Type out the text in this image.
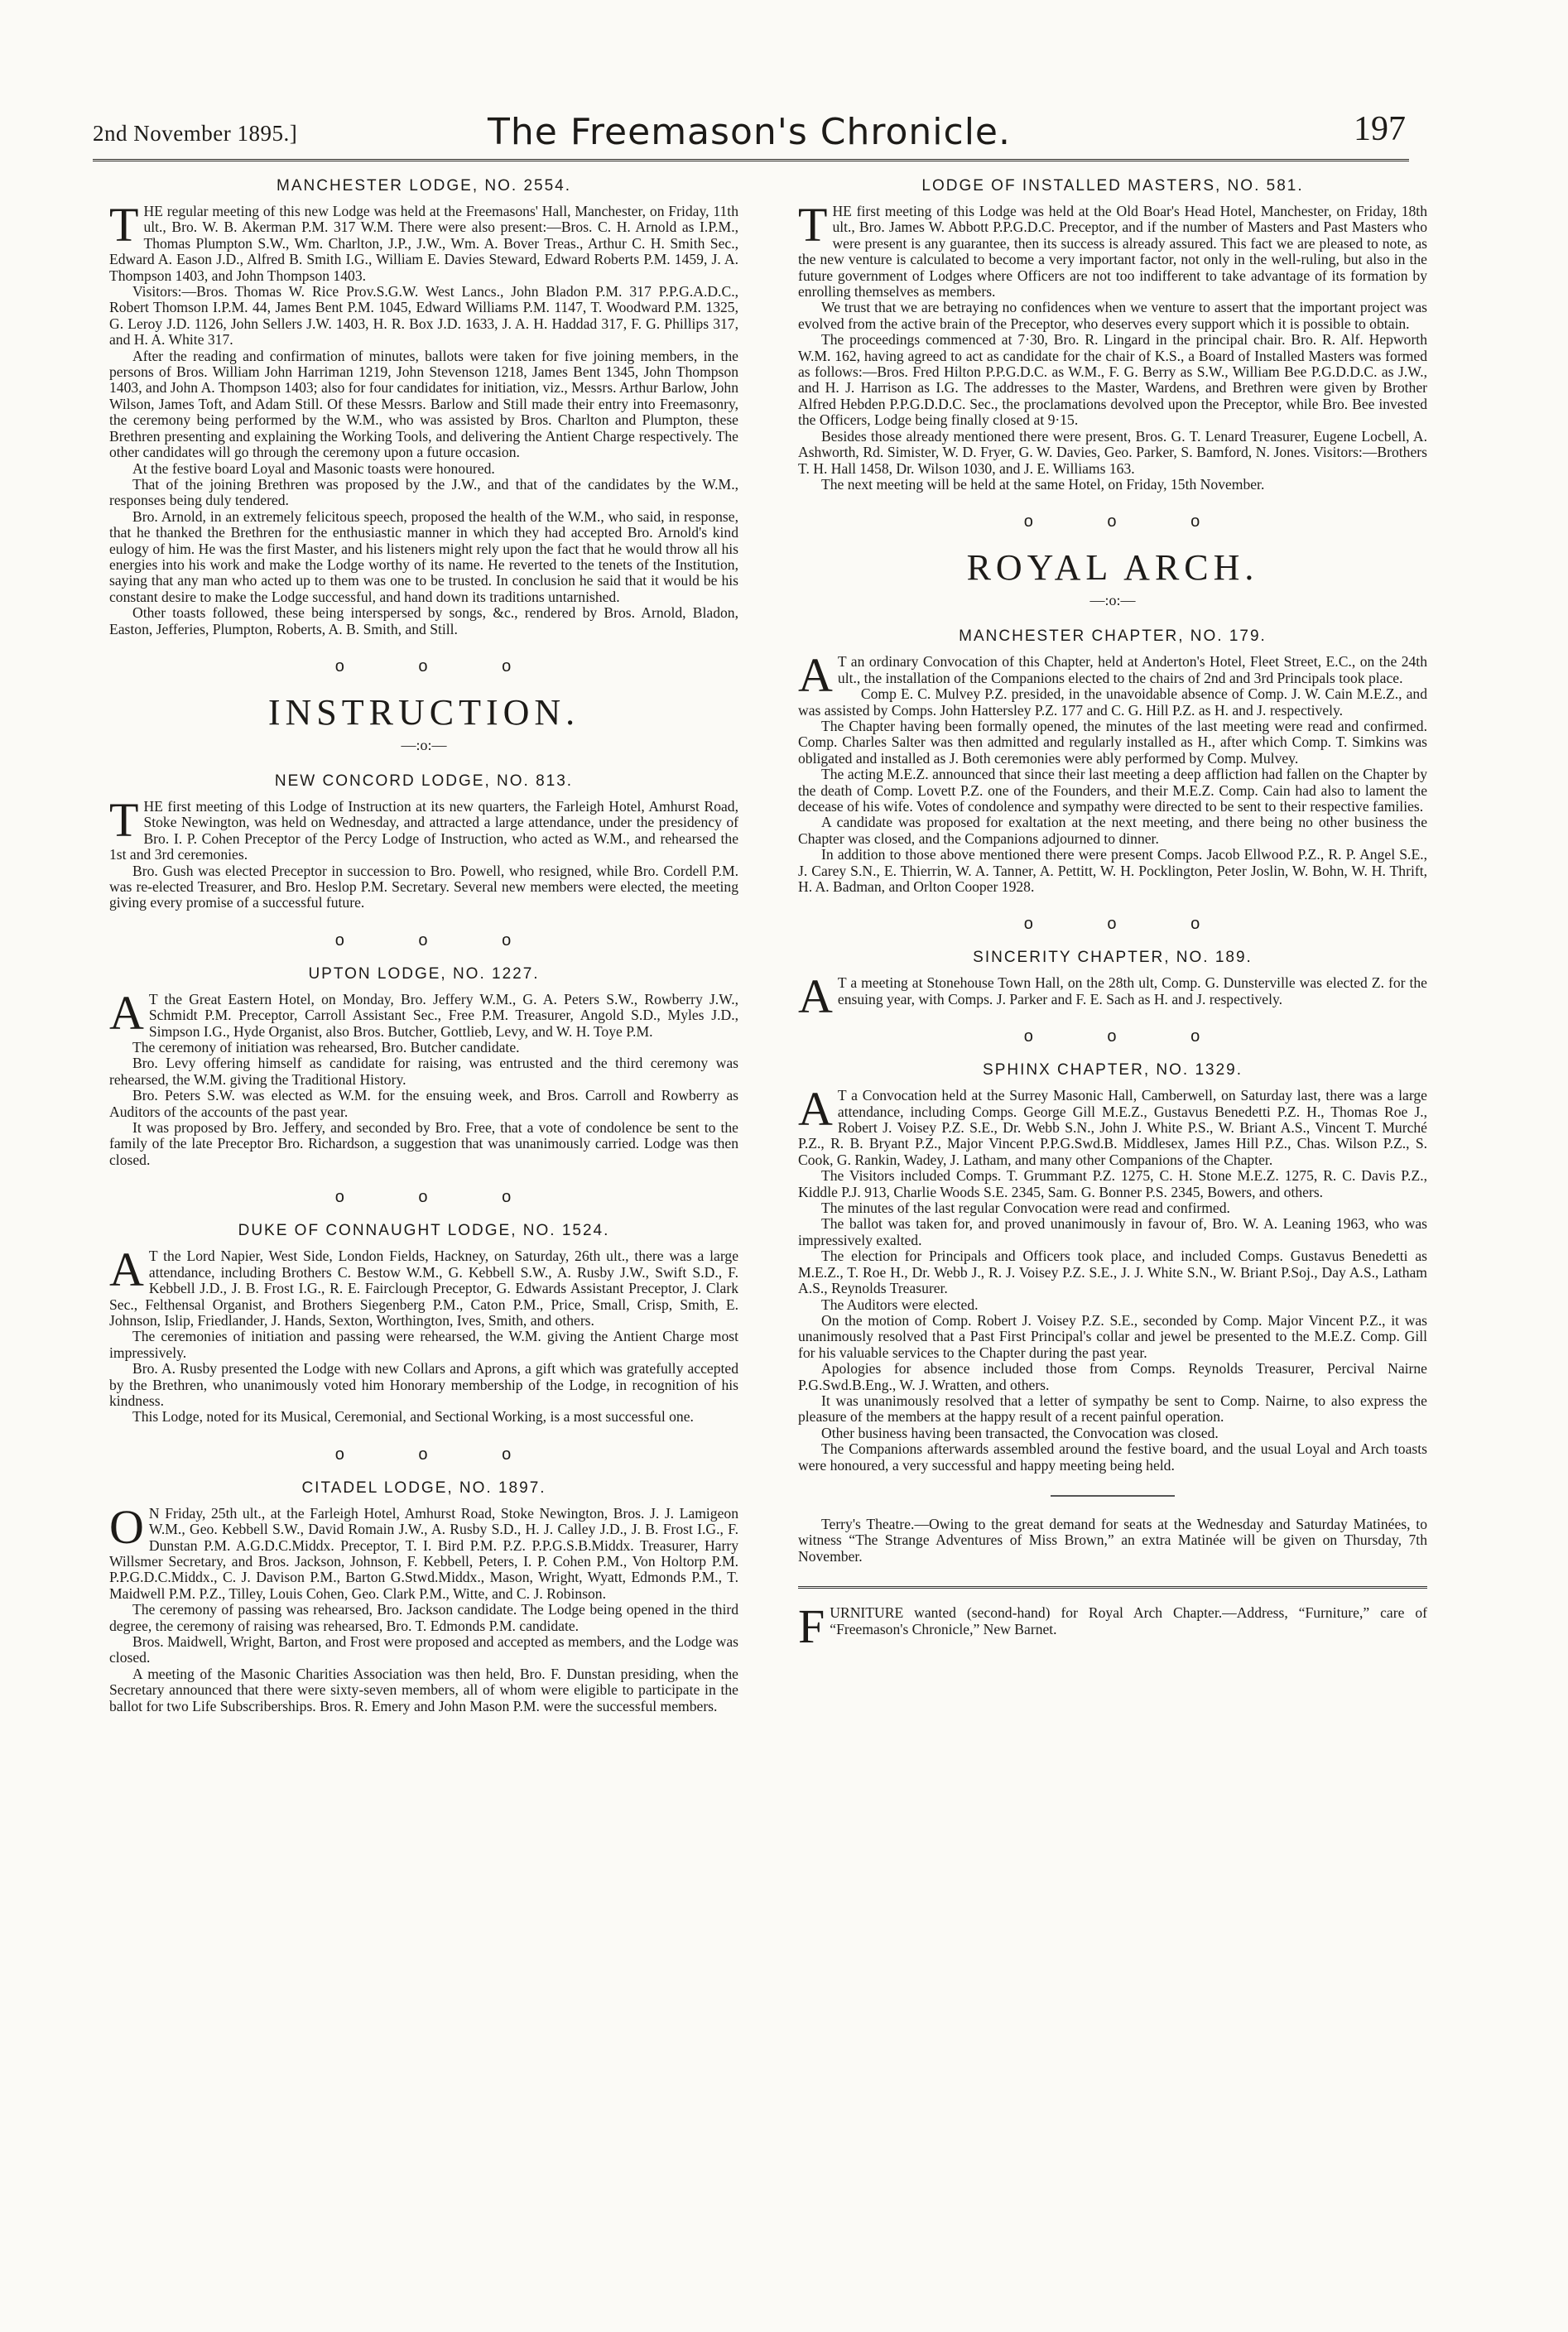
2nd November 1895.]	The Freemason's Chronicle.	197
MANCHESTER LODGE, NO. 2554.

THE regular meeting of this new Lodge was held at the Freemasons' Hall, Manchester, on Friday, 11th ult., Bro. W. B. Akerman P.M. 317 W.M. There were also present:—Bros. C. H. Arnold as I.P.M., Thomas Plumpton S.W., Wm. Charlton, J.P., J.W., Wm. A. Bover Treas., Arthur C. H. Smith Sec., Edward A. Eason J.D., Alfred B. Smith I.G., William E. Davies Steward, Edward Roberts P.M. 1459, J. A. Thompson 1403, and John Thompson 1403.

Visitors:—Bros. Thomas W. Rice Prov.S.G.W. West Lancs., John Bladon P.M. 317 P.P.G.A.D.C., Robert Thomson I.P.M. 44, James Bent P.M. 1045, Edward Williams P.M. 1147, T. Woodward P.M. 1325, G. Leroy J.D. 1126, John Sellers J.W. 1403, H. R. Box J.D. 1633, J. A. H. Haddad 317, F. G. Phillips 317, and H. A. White 317.

After the reading and confirmation of minutes, ballots were taken for five joining members, in the persons of Bros. William John Harriman 1219, John Stevenson 1218, James Bent 1345, John Thompson 1403, and John A. Thompson 1403; also for four candidates for initiation, viz., Messrs. Arthur Barlow, John Wilson, James Toft, and Adam Still. Of these Messrs. Barlow and Still made their entry into Freemasonry, the ceremony being performed by the W.M., who was assisted by Bros. Charlton and Plumpton, these Brethren presenting and explaining the Working Tools, and delivering the Antient Charge respectively. The other candidates will go through the ceremony upon a future occasion.

At the festive board Loyal and Masonic toasts were honoured.

That of the joining Brethren was proposed by the J.W., and that of the candidates by the W.M., responses being duly tendered.

Bro. Arnold, in an extremely felicitous speech, proposed the health of the W.M., who said, in response, that he thanked the Brethren for the enthusiastic manner in which they had accepted Bro. Arnold's kind eulogy of him. He was the first Master, and his listeners might rely upon the fact that he would throw all his energies into his work and make the Lodge worthy of its name. He reverted to the tenets of the Institution, saying that any man who acted up to them was one to be trusted. In conclusion he said that it would be his constant desire to make the Lodge successful, and hand down its traditions untarnished.

Other toasts followed, these being interspersed by songs, &c., rendered by Bros. Arnold, Bladon, Easton, Jefferies, Plumpton, Roberts, A. B. Smith, and Still.

o o o
INSTRUCTION.
—:o:—
NEW CONCORD LODGE, NO. 813.

THE first meeting of this Lodge of Instruction at its new quarters, the Farleigh Hotel, Amhurst Road, Stoke Newington, was held on Wednesday, and attracted a large attendance, under the presidency of Bro. I. P. Cohen Preceptor of the Percy Lodge of Instruction, who acted as W.M., and rehearsed the 1st and 3rd ceremonies.

Bro. Gush was elected Preceptor in succession to Bro. Powell, who resigned, while Bro. Cordell P.M. was re-elected Treasurer, and Bro. Heslop P.M. Secretary. Several new members were elected, the meeting giving every promise of a successful future.

o o o
UPTON LODGE, NO. 1227.

A T the Great Eastern Hotel, on Monday, Bro. Jeffery W.M., G. A. Peters S.W., Rowberry J.W., Schmidt P.M. Preceptor, Carroll Assistant Sec., Free P.M. Treasurer, Angold S.D., Myles J.D., Simpson I.G., Hyde Organist, also Bros. Butcher, Gottlieb, Levy, and W. H. Toye P.M.

The ceremony of initiation was rehearsed, Bro. Butcher candidate.

Bro. Levy offering himself as candidate for raising, was entrusted and the third ceremony was rehearsed, the W.M. giving the Traditional History.

Bro. Peters S.W. was elected as W.M. for the ensuing week, and Bros. Carroll and Rowberry as Auditors of the accounts of the past year.

It was proposed by Bro. Jeffery, and seconded by Bro. Free, that a vote of condolence be sent to the family of the late Preceptor Bro. Richardson, a suggestion that was unanimously carried. Lodge was then closed.

o o o
DUKE OF CONNAUGHT LODGE, NO. 1524.

A T the Lord Napier, West Side, London Fields, Hackney, on Saturday, 26th ult., there was a large attendance, including Brothers C. Bestow W.M., G. Kebbell S.W., A. Rusby J.W., Swift S.D., F. Kebbell J.D., J. B. Frost I.G., R. E. Fairclough Preceptor, G. Edwards Assistant Preceptor, J. Clark Sec., Felthensal Organist, and Brothers Siegenberg P.M., Caton P.M., Price, Small, Crisp, Smith, E. Johnson, Islip, Friedlander, J. Hands, Sexton, Worthington, Ives, Smith, and others.

The ceremonies of initiation and passing were rehearsed, the W.M. giving the Antient Charge most impressively.

Bro. A. Rusby presented the Lodge with new Collars and Aprons, a gift which was gratefully accepted by the Brethren, who unanimously voted him Honorary membership of the Lodge, in recognition of his kindness.

This Lodge, noted for its Musical, Ceremonial, and Sectional Working, is a most successful one.

o o o
CITADEL LODGE, NO. 1897.

O N Friday, 25th ult., at the Farleigh Hotel, Amhurst Road, Stoke Newington, Bros. J. J. Lamigeon W.M., Geo. Kebbell S.W., David Romain J.W., A. Rusby S.D., H. J. Calley J.D., J. B. Frost I.G., F. Dunstan P.M. A.G.D.C.Middx. Preceptor, T. I. Bird P.M. P.Z. P.P.G.S.B.Middx. Treasurer, Harry Willsmer Secretary, and Bros. Jackson, Johnson, F. Kebbell, Peters, I. P. Cohen P.M., Von Holtorp P.M. P.P.G.D.C.Middx., C. J. Davison P.M., Barton G.Stwd.Middx., Mason, Wright, Wyatt, Edmonds P.M., T. Maidwell P.M. P.Z., Tilley, Louis Cohen, Geo. Clark P.M., Witte, and C. J. Robinson.

The ceremony of passing was rehearsed, Bro. Jackson candidate. The Lodge being opened in the third degree, the ceremony of raising was rehearsed, Bro. T. Edmonds P.M. candidate.

Bros. Maidwell, Wright, Barton, and Frost were proposed and accepted as members, and the Lodge was closed.

A meeting of the Masonic Charities Association was then held, Bro. F. Dunstan presiding, when the Secretary announced that there were sixty-seven members, all of whom were eligible to participate in the ballot for two Life Subscriberships. Bros. R. Emery and John Mason P.M. were the successful members.

LODGE OF INSTALLED MASTERS, NO. 581.

THE first meeting of this Lodge was held at the Old Boar's Head Hotel, Manchester, on Friday, 18th ult., Bro. James W. Abbott P.P.G.D.C. Preceptor, and if the number of Masters and Past Masters who were present is any guarantee, then its success is already assured. This fact we are pleased to note, as the new venture is calculated to become a very important factor, not only in the well-ruling, but also in the future government of Lodges where Officers are not too indifferent to take advantage of its formation by enrolling themselves as members.

We trust that we are betraying no confidences when we venture to assert that the important project was evolved from the active brain of the Preceptor, who deserves every support which it is possible to obtain.

The proceedings commenced at 7·30, Bro. R. Lingard in the principal chair. Bro. R. Alf. Hepworth W.M. 162, having agreed to act as candidate for the chair of K.S., a Board of Installed Masters was formed as follows:—Bros. Fred Hilton P.P.G.D.C. as W.M., F. G. Berry as S.W., William Bee P.G.D.D.C. as J.W., and H. J. Harrison as I.G. The addresses to the Master, Wardens, and Brethren were given by Brother Alfred Hebden P.P.G.D.D.C. Sec., the proclamations devolved upon the Preceptor, while Bro. Bee invested the Officers, Lodge being finally closed at 9·15.

Besides those already mentioned there were present, Bros. G. T. Lenard Treasurer, Eugene Locbell, A. Ashworth, Rd. Simister, W. D. Fryer, G. W. Davies, Geo. Parker, S. Bamford, N. Jones. Visitors:—Brothers T. H. Hall 1458, Dr. Wilson 1030, and J. E. Williams 163.

The next meeting will be held at the same Hotel, on Friday, 15th November.

o o o
ROYAL ARCH.
—:o:—
MANCHESTER CHAPTER, NO. 179.

A T an ordinary Convocation of this Chapter, held at Anderton's Hotel, Fleet Street, E.C., on the 24th ult., the installation of the Companions elected to the chairs of 2nd and 3rd Principals took place.

Comp E. C. Mulvey P.Z. presided, in the unavoidable absence of Comp. J. W. Cain M.E.Z., and was assisted by Comps. John Hattersley P.Z. 177 and C. G. Hill P.Z. as H. and J. respectively.

The Chapter having been formally opened, the minutes of the last meeting were read and confirmed. Comp. Charles Salter was then admitted and regularly installed as H., after which Comp. T. Simkins was obligated and installed as J. Both ceremonies were ably performed by Comp. Mulvey.

The acting M.E.Z. announced that since their last meeting a deep affliction had fallen on the Chapter by the death of Comp. Lovett P.Z. one of the Founders, and their M.E.Z. Comp. Cain had also to lament the decease of his wife. Votes of condolence and sympathy were directed to be sent to their respective families.

A candidate was proposed for exaltation at the next meeting, and there being no other business the Chapter was closed, and the Companions adjourned to dinner.

In addition to those above mentioned there were present Comps. Jacob Ellwood P.Z., R. P. Angel S.E., J. Carey S.N., E. Thierrin, W. A. Tanner, A. Pettitt, W. H. Pocklington, Peter Joslin, W. Bohn, W. H. Thrift, H. A. Badman, and Orlton Cooper 1928.

o o o
SINCERITY CHAPTER, NO. 189.

A T a meeting at Stonehouse Town Hall, on the 28th ult, Comp. G. Dunsterville was elected Z. for the ensuing year, with Comps. J. Parker and F. E. Sach as H. and J. respectively.

o o o
SPHINX CHAPTER, NO. 1329.

A T a Convocation held at the Surrey Masonic Hall, Camberwell, on Saturday last, there was a large attendance, including Comps. George Gill M.E.Z., Gustavus Benedetti P.Z. H., Thomas Roe J., Robert J. Voisey P.Z. S.E., Dr. Webb S.N., John J. White P.S., W. Briant A.S., Vincent T. Murché P.Z., R. B. Bryant P.Z., Major Vincent P.P.G.Swd.B. Middlesex, James Hill P.Z., Chas. Wilson P.Z., S. Cook, G. Rankin, Wadey, J. Latham, and many other Companions of the Chapter.

The Visitors included Comps. T. Grummant P.Z. 1275, C. H. Stone M.E.Z. 1275, R. C. Davis P.Z., Kiddle P.J. 913, Charlie Woods S.E. 2345, Sam. G. Bonner P.S. 2345, Bowers, and others.

The minutes of the last regular Convocation were read and confirmed.

The ballot was taken for, and proved unanimously in favour of, Bro. W. A. Leaning 1963, who was impressively exalted.

The election for Principals and Officers took place, and included Comps. Gustavus Benedetti as M.E.Z., T. Roe H., Dr. Webb J., R. J. Voisey P.Z. S.E., J. J. White S.N., W. Briant P.Soj., Day A.S., Latham A.S., Reynolds Treasurer.

The Auditors were elected.

On the motion of Comp. Robert J. Voisey P.Z. S.E., seconded by Comp. Major Vincent P.Z., it was unanimously resolved that a Past First Principal's collar and jewel be presented to the M.E.Z. Comp. Gill for his valuable services to the Chapter during the past year.

Apologies for absence included those from Comps. Reynolds Treasurer, Percival Nairne P.G.Swd.B.Eng., W. J. Wratten, and others.

It was unanimously resolved that a letter of sympathy be sent to Comp. Nairne, to also express the pleasure of the members at the happy result of a recent painful operation.

Other business having been transacted, the Convocation was closed.

The Companions afterwards assembled around the festive board, and the usual Loyal and Arch toasts were honoured, a very successful and happy meeting being held.

Terry's Theatre.—Owing to the great demand for seats at the Wednesday and Saturday Matinées, to witness “The Strange Adventures of Miss Brown,” an extra Matinée will be given on Thursday, 7th November.

FURNITURE wanted (second-hand) for Royal Arch Chapter.—Address, “Furniture,” care of “Freemason's Chronicle,” New Barnet.
